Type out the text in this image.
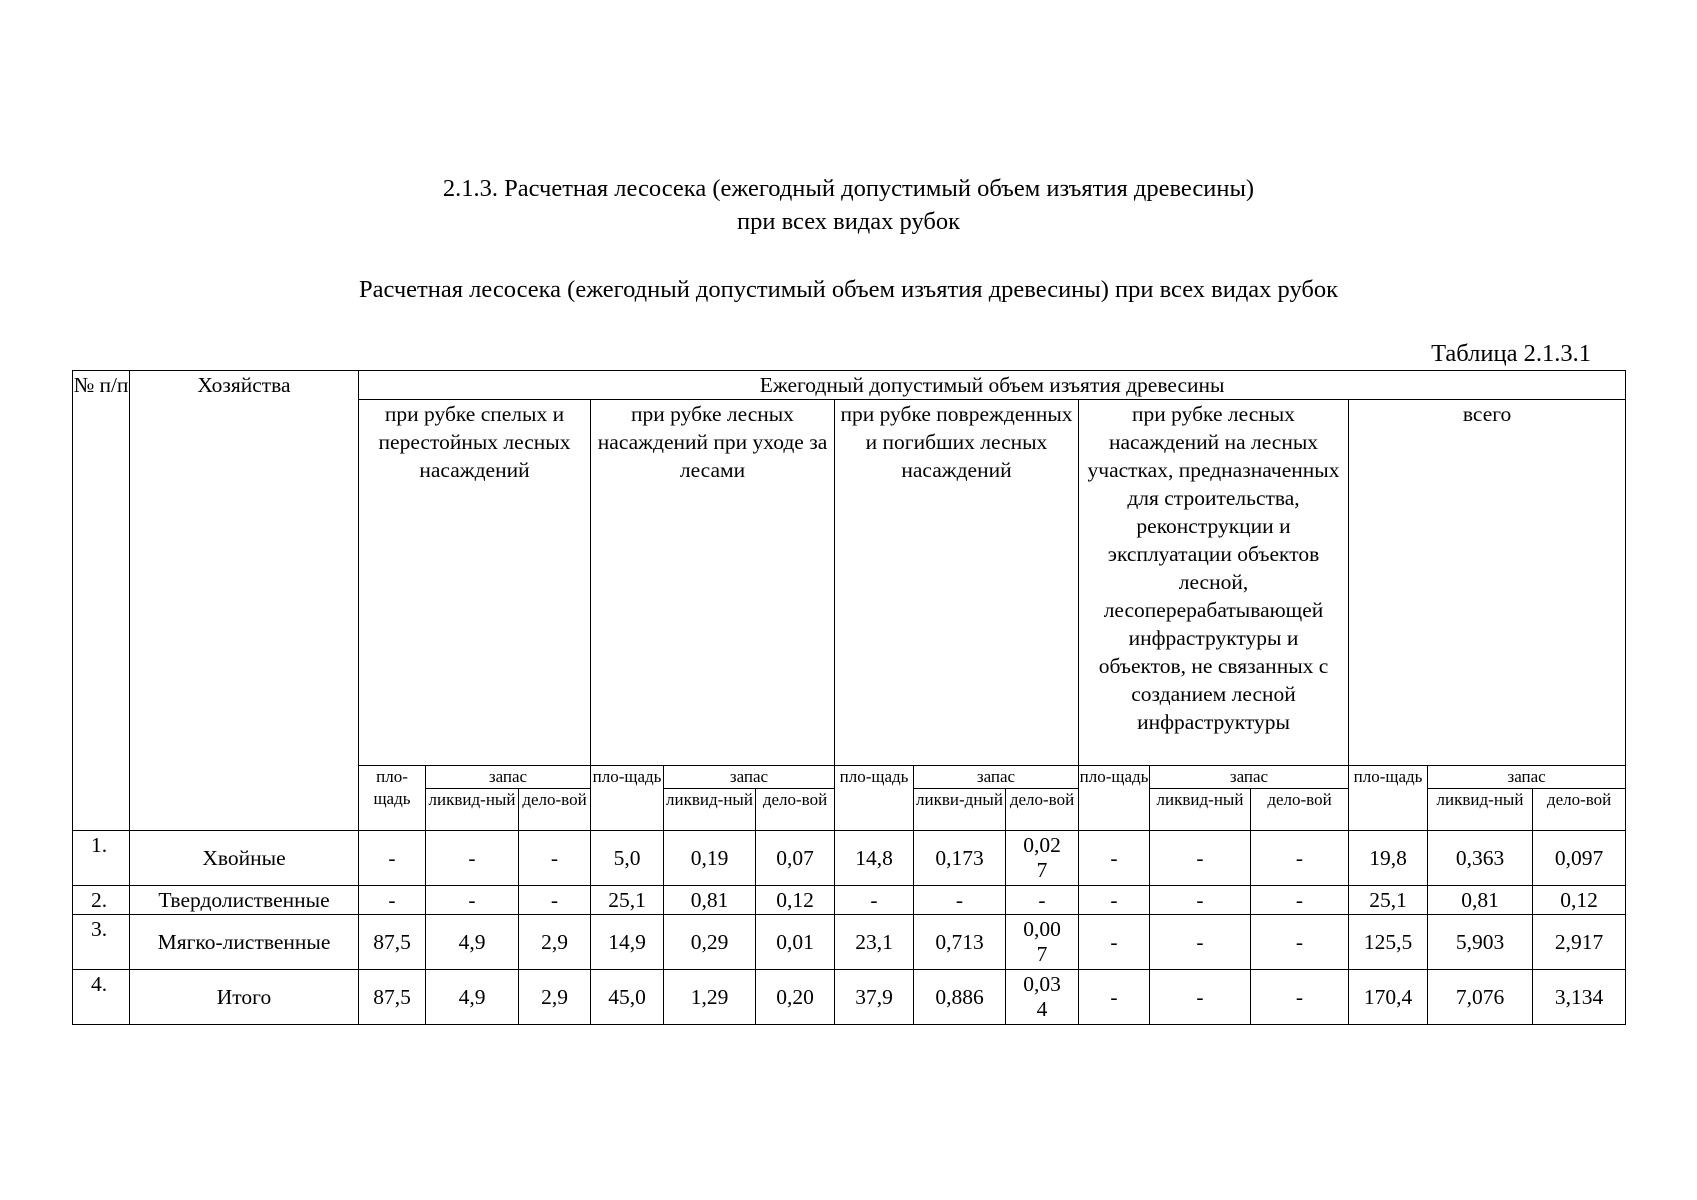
2.1.3. Расчетная лесосека (ежегодный допустимый объем изъятия древесины)
при всех видах рубок
Расчетная лесосека (ежегодный допустимый объем изъятия древесины) при всех видах рубок
Таблица 2.1.3.1
№ п/п	Хозяйства	Ежегодный допустимый объем изъятия древесины														

		при рубке спелых и перестойных лесных насаждений			при рубке лесных насаждений при уходе за лесами			при рубке поврежденных и погибших лесных насаждений			при рубке лесных насаждений на лесных участках, предназначенных для строительства, реконструкции и эксплуатации объектов лесной, лесоперерабатывающей инфраструктуры и объектов, не связанных с созданием лесной инфраструктуры			всего		

		пло-щадь	запас		пло-щадь	запас		пло-щадь	запас		пло-щадь	запас		пло-щадь	запас	
			ликвид-ный	дело-вой		ликвид-ный	дело-вой		ликви-дный	дело-вой		ликвид-ный	дело-вой		ликвид-ный	дело-вой
1.	Хвойные	-	-	-	5,0	0,19	0,07	14,8	0,173	0,027	-	-	-	19,8	0,363	0,097
2.	Твердолиственные	-	-	-	25,1	0,81	0,12	-	-	-	-	-	-	25,1	0,81	0,12
3.	Мягко-лиственные	87,5	4,9	2,9	14,9	0,29	0,01	23,1	0,713	0,007	-	-	-	125,5	5,903	2,917
4.	Итого	87,5	4,9	2,9	45,0	1,29	0,20	37,9	0,886	0,034	-	-	-	170,4	7,076	3,134
